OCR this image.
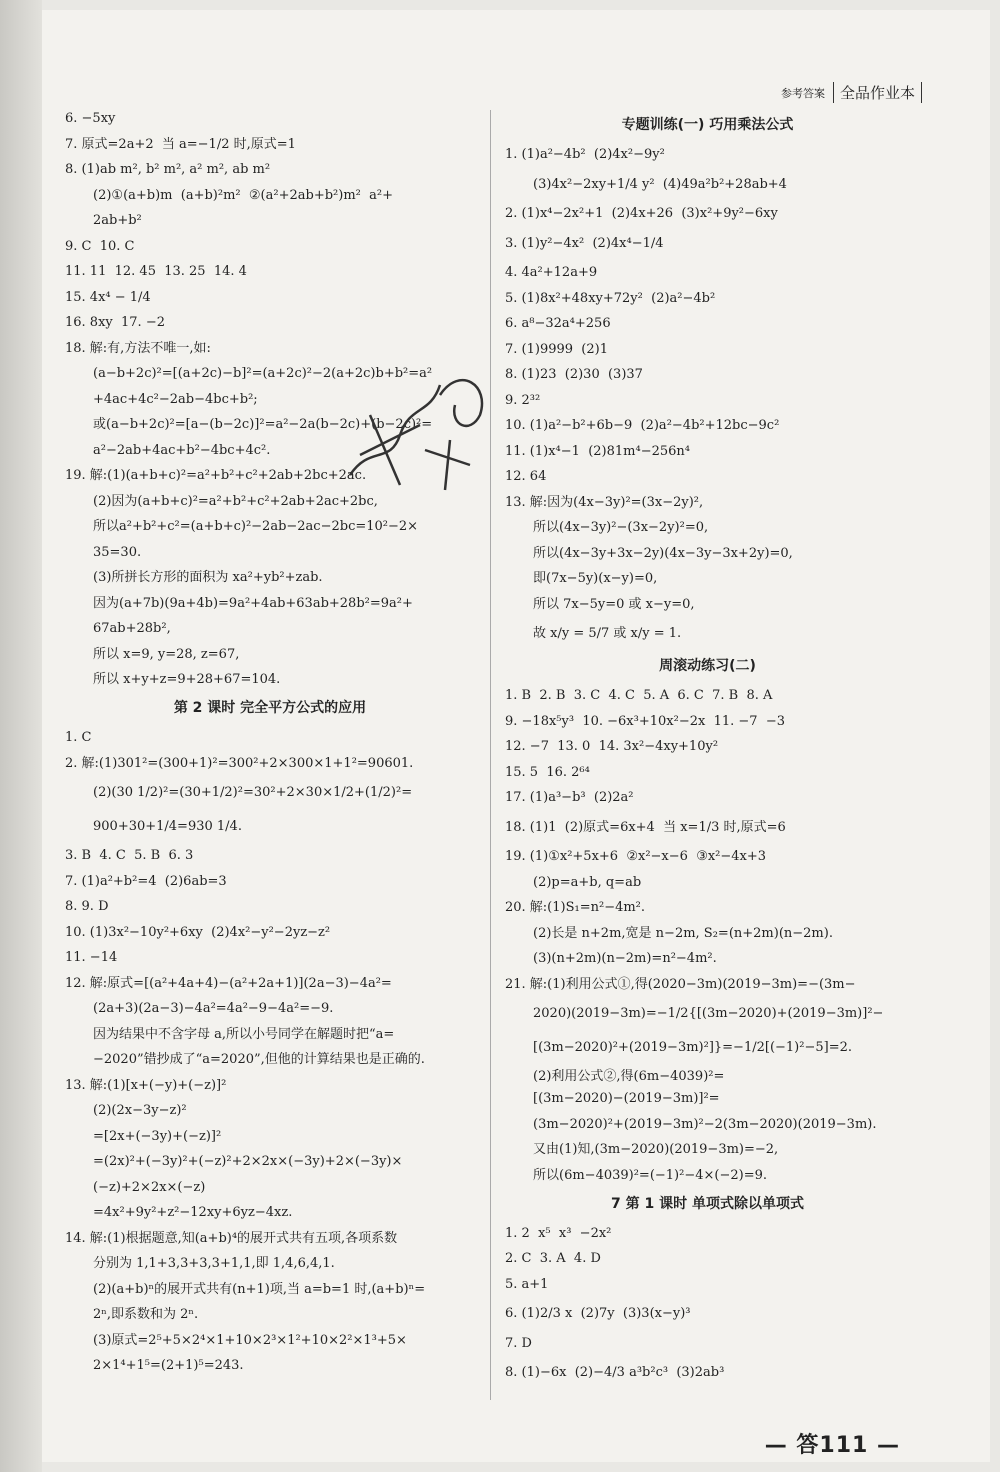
参考答案	全品作业本
6. −5xy
7. 原式=2a+2  当 a=−1/2 时,原式=1
8. (1)ab m², b² m², a² m², ab m²
(2)①(a+b)m  (a+b)²m²  ②(a²+2ab+b²)m²  a²+
2ab+b²
9. C  10. C
11. 11  12. 45  13. 25  14. 4
15. 4x⁴ − 1/4
16. 8xy  17. −2
18. 解:有,方法不唯一,如:
(a−b+2c)²=[(a+2c)−b]²=(a+2c)²−2(a+2c)b+b²=a²
+4ac+4c²−2ab−4bc+b²;
或(a−b+2c)²=[a−(b−2c)]²=a²−2a(b−2c)+(b−2c)²=
a²−2ab+4ac+b²−4bc+4c².
19. 解:(1)(a+b+c)²=a²+b²+c²+2ab+2bc+2ac.
(2)因为(a+b+c)²=a²+b²+c²+2ab+2ac+2bc,
所以a²+b²+c²=(a+b+c)²−2ab−2ac−2bc=10²−2×
35=30.
(3)所拼长方形的面积为 xa²+yb²+zab.
因为(a+7b)(9a+4b)=9a²+4ab+63ab+28b²=9a²+
67ab+28b²,
所以 x=9, y=28, z=67,
所以 x+y+z=9+28+67=104.
第 2 课时 完全平方公式的应用
1. C
2. 解:(1)301²=(300+1)²=300²+2×300×1+1²=90601.
(2)(30 1/2)²=(30+1/2)²=30²+2×30×1/2+(1/2)²=
900+30+1/4=930 1/4.
3. B  4. C  5. B  6. 3
7. (1)a²+b²=4  (2)6ab=3
8. 9. D
10. (1)3x²−10y²+6xy  (2)4x²−y²−2yz−z²
11. −14
12. 解:原式=[(a²+4a+4)−(a²+2a+1)](2a−3)−4a²=
(2a+3)(2a−3)−4a²=4a²−9−4a²=−9.
因为结果中不含字母 a,所以小号同学在解题时把“a=
−2020”错抄成了“a=2020”,但他的计算结果也是正确的.
13. 解:(1)[x+(−y)+(−z)]²
(2)(2x−3y−z)²
=[2x+(−3y)+(−z)]²
=(2x)²+(−3y)²+(−z)²+2×2x×(−3y)+2×(−3y)×
(−z)+2×2x×(−z)
=4x²+9y²+z²−12xy+6yz−4xz.
14. 解:(1)根据题意,知(a+b)⁴的展开式共有五项,各项系数
分别为 1,1+3,3+3,3+1,1,即 1,4,6,4,1.
(2)(a+b)ⁿ的展开式共有(n+1)项,当 a=b=1 时,(a+b)ⁿ=
2ⁿ,即系数和为 2ⁿ.
(3)原式=2⁵+5×2⁴×1+10×2³×1²+10×2²×1³+5×
2×1⁴+1⁵=(2+1)⁵=243.
专题训练(一) 巧用乘法公式
1. (1)a²−4b²  (2)4x²−9y²
(3)4x²−2xy+1/4 y²  (4)49a²b²+28ab+4
2. (1)x⁴−2x²+1  (2)4x+26  (3)x²+9y²−6xy
3. (1)y²−4x²  (2)4x⁴−1/4
4. 4a²+12a+9
5. (1)8x²+48xy+72y²  (2)a²−4b²
6. a⁸−32a⁴+256
7. (1)9999  (2)1
8. (1)23  (2)30  (3)37
9. 2³²
10. (1)a²−b²+6b−9  (2)a²−4b²+12bc−9c²
11. (1)x⁴−1  (2)81m⁴−256n⁴
12. 64
13. 解:因为(4x−3y)²=(3x−2y)²,
所以(4x−3y)²−(3x−2y)²=0,
所以(4x−3y+3x−2y)(4x−3y−3x+2y)=0,
即(7x−5y)(x−y)=0,
所以 7x−5y=0 或 x−y=0,
故 x/y = 5/7 或 x/y = 1.
周滚动练习(二)
1. B  2. B  3. C  4. C  5. A  6. C  7. B  8. A
9. −18x⁵y³  10. −6x³+10x²−2x  11. −7  −3
12. −7  13. 0  14. 3x²−4xy+10y²
15. 5  16. 2⁶⁴
17. (1)a³−b³  (2)2a²
18. (1)1  (2)原式=6x+4  当 x=1/3 时,原式=6
19. (1)①x²+5x+6  ②x²−x−6  ③x²−4x+3
(2)p=a+b, q=ab
20. 解:(1)S₁=n²−4m².
(2)长是 n+2m,宽是 n−2m, S₂=(n+2m)(n−2m).
(3)(n+2m)(n−2m)=n²−4m².
21. 解:(1)利用公式①,得(2020−3m)(2019−3m)=−(3m−
2020)(2019−3m)=−1/2{[(3m−2020)+(2019−3m)]²−
[(3m−2020)²+(2019−3m)²]}=−1/2[(−1)²−5]=2.
(2)利用公式②,得(6m−4039)²=[(3m−2020)−(2019−3m)]²=
(3m−2020)²+(2019−3m)²−2(3m−2020)(2019−3m).
又由(1)知,(3m−2020)(2019−3m)=−2,
所以(6m−4039)²=(−1)²−4×(−2)=9.
7 第 1 课时 单项式除以单项式
1. 2  x⁵  x³  −2x²
2. C  3. A  4. D
5. a+1
6. (1)2/3 x  (2)7y  (3)3(x−y)³
7. D
8. (1)−6x  (2)−4/3 a³b²c³  (3)2ab³
— 答111 —
